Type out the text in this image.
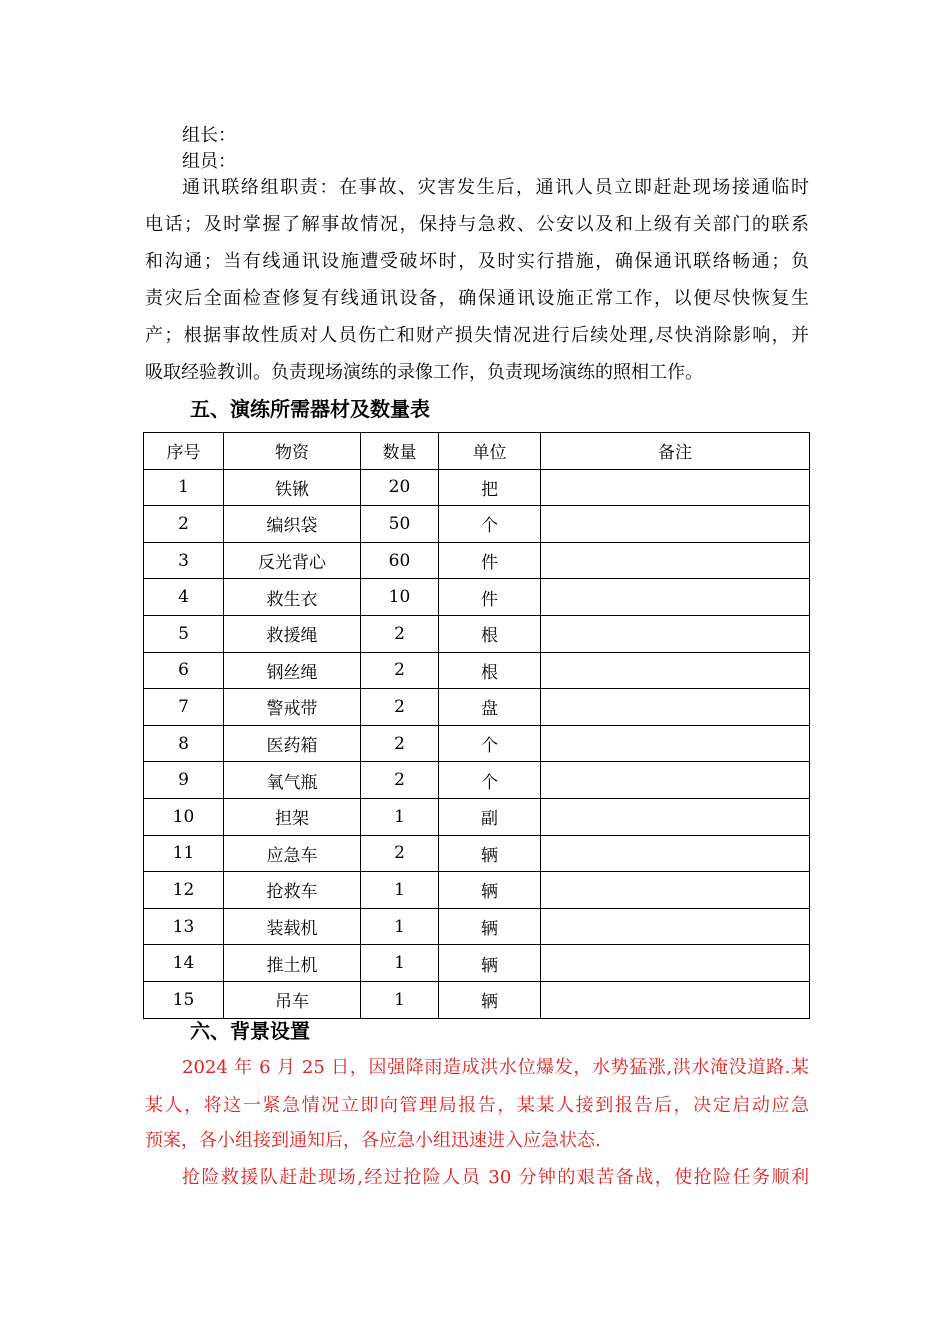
组长：
组员：
通讯联络组职责：在事故、灾害发生后，通讯人员立即赶赴现场接通临时
电话；及时掌握了解事故情况，保持与急救、公安以及和上级有关部门的联系
和沟通；当有线通讯设施遭受破坏时，及时实行措施，确保通讯联络畅通；负
责灾后全面检查修复有线通讯设备，确保通讯设施正常工作，以便尽快恢复生
产；根据事故性质对人员伤亡和财产损失情况进行后续处理,尽快消除影响，并
吸取经验教训。负责现场演练的录像工作，负责现场演练的照相工作。
五、演练所需器材及数量表
序号	物资	数量	单位	备注
1	铁锹	20	把	
2	编织袋	50	个	
3	反光背心	60	件	
4	救生衣	10	件	
5	救援绳	2	根	
6	钢丝绳	2	根	
7	警戒带	2	盘	
8	医药箱	2	个	
9	氧气瓶	2	个	
10	担架	1	副	
11	应急车	2	辆	
12	抢救车	1	辆	
13	装载机	1	辆	
14	推土机	1	辆	
15	吊车	1	辆	
六、背景设置
2024 年 6 月 25 日，因强降雨造成洪水位爆发，水势猛涨,洪水淹没道路.某
某人，将这一紧急情况立即向管理局报告，某某人接到报告后，决定启动应急
预案，各小组接到通知后，各应急小组迅速进入应急状态.
抢险救援队赶赴现场,经过抢险人员 30 分钟的艰苦备战，使抢险任务顺利
